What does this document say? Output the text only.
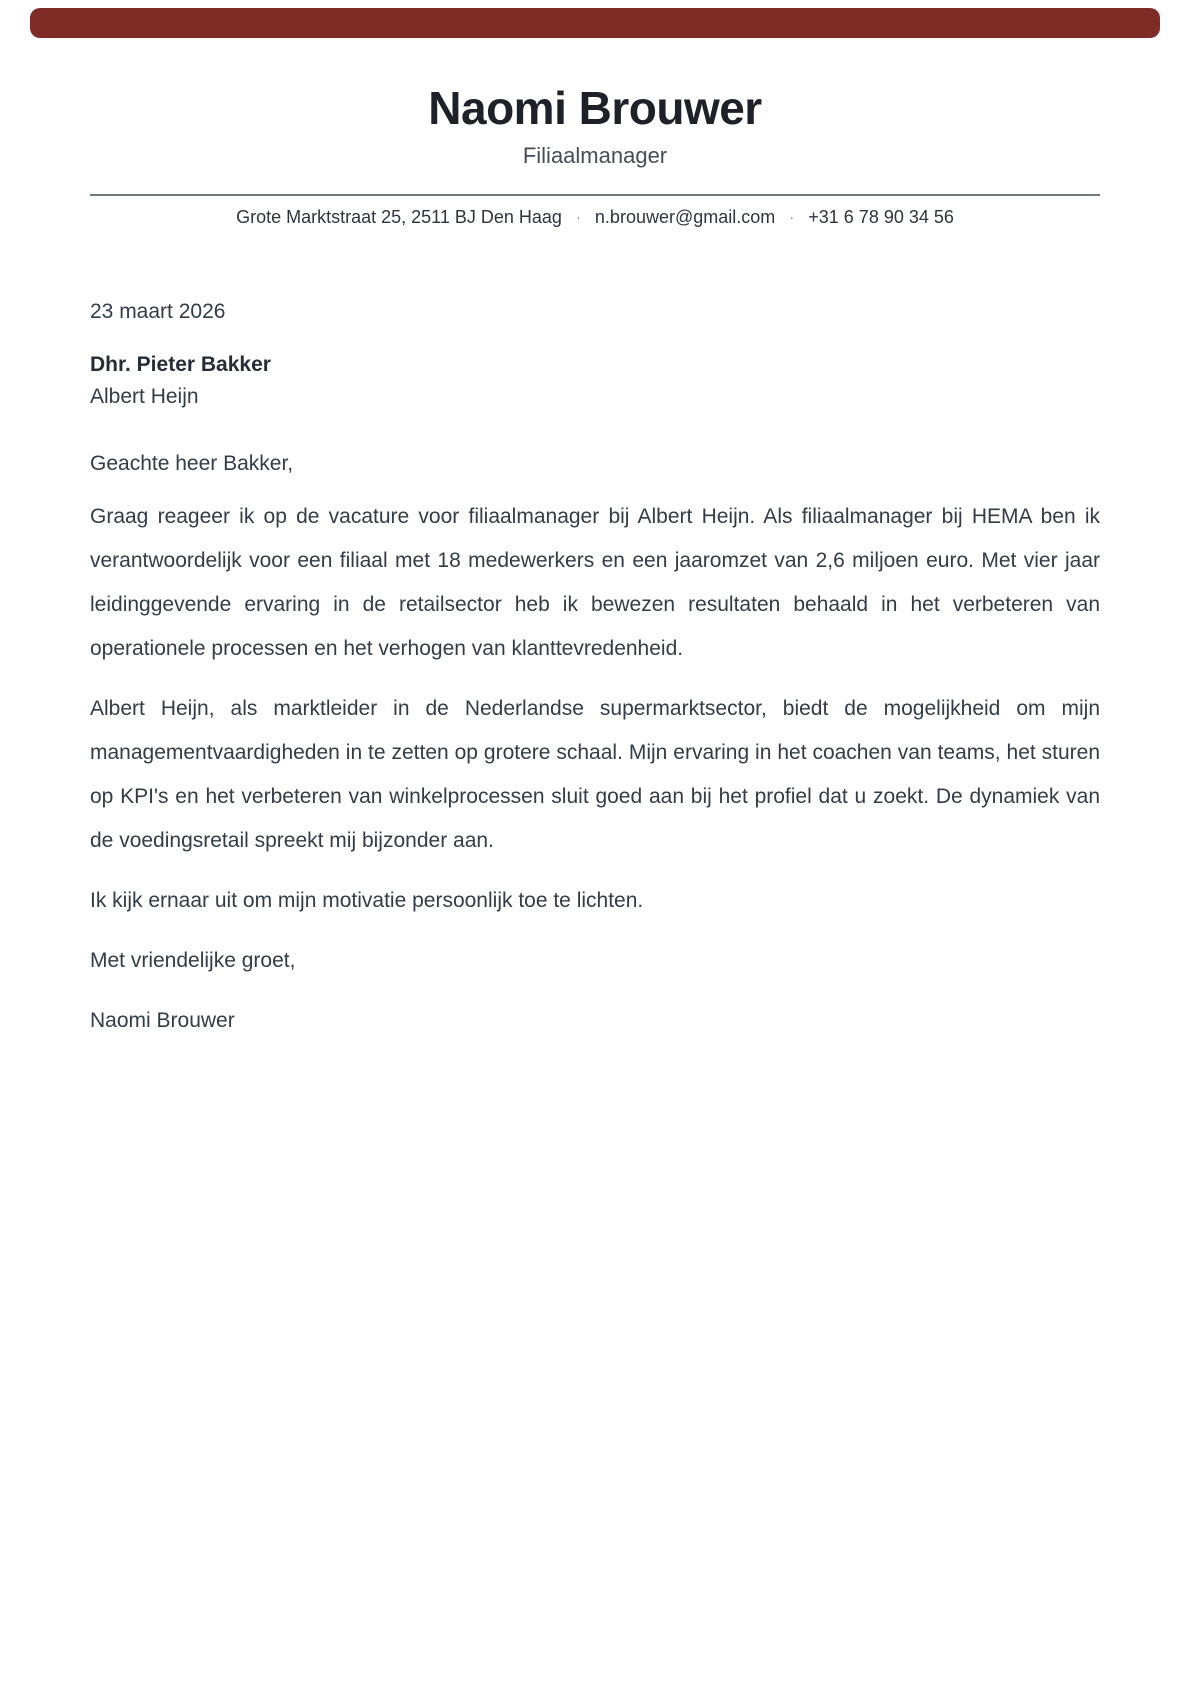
Naomi Brouwer
Filiaalmanager
Grote Marktstraat 25, 2511 BJ Den Haag · n.brouwer@gmail.com · +31 6 78 90 34 56
23 maart 2026
Dhr. Pieter Bakker
Albert Heijn
Geachte heer Bakker,

Graag reageer ik op de vacature voor filiaalmanager bij Albert Heijn. Als filiaalmanager bij HEMA ben ik verantwoordelijk voor een filiaal met 18 medewerkers en een jaaromzet van 2,6 miljoen euro. Met vier jaar leidinggevende ervaring in de retailsector heb ik bewezen resultaten behaald in het verbeteren van operationele processen en het verhogen van klanttevredenheid.

Albert Heijn, als marktleider in de Nederlandse supermarktsector, biedt de mogelijkheid om mijn managementvaardigheden in te zetten op grotere schaal. Mijn ervaring in het coachen van teams, het sturen op KPI's en het verbeteren van winkelprocessen sluit goed aan bij het profiel dat u zoekt. De dynamiek van de voedingsretail spreekt mij bijzonder aan.

Ik kijk ernaar uit om mijn motivatie persoonlijk toe te lichten.

Met vriendelijke groet,
Naomi Brouwer
